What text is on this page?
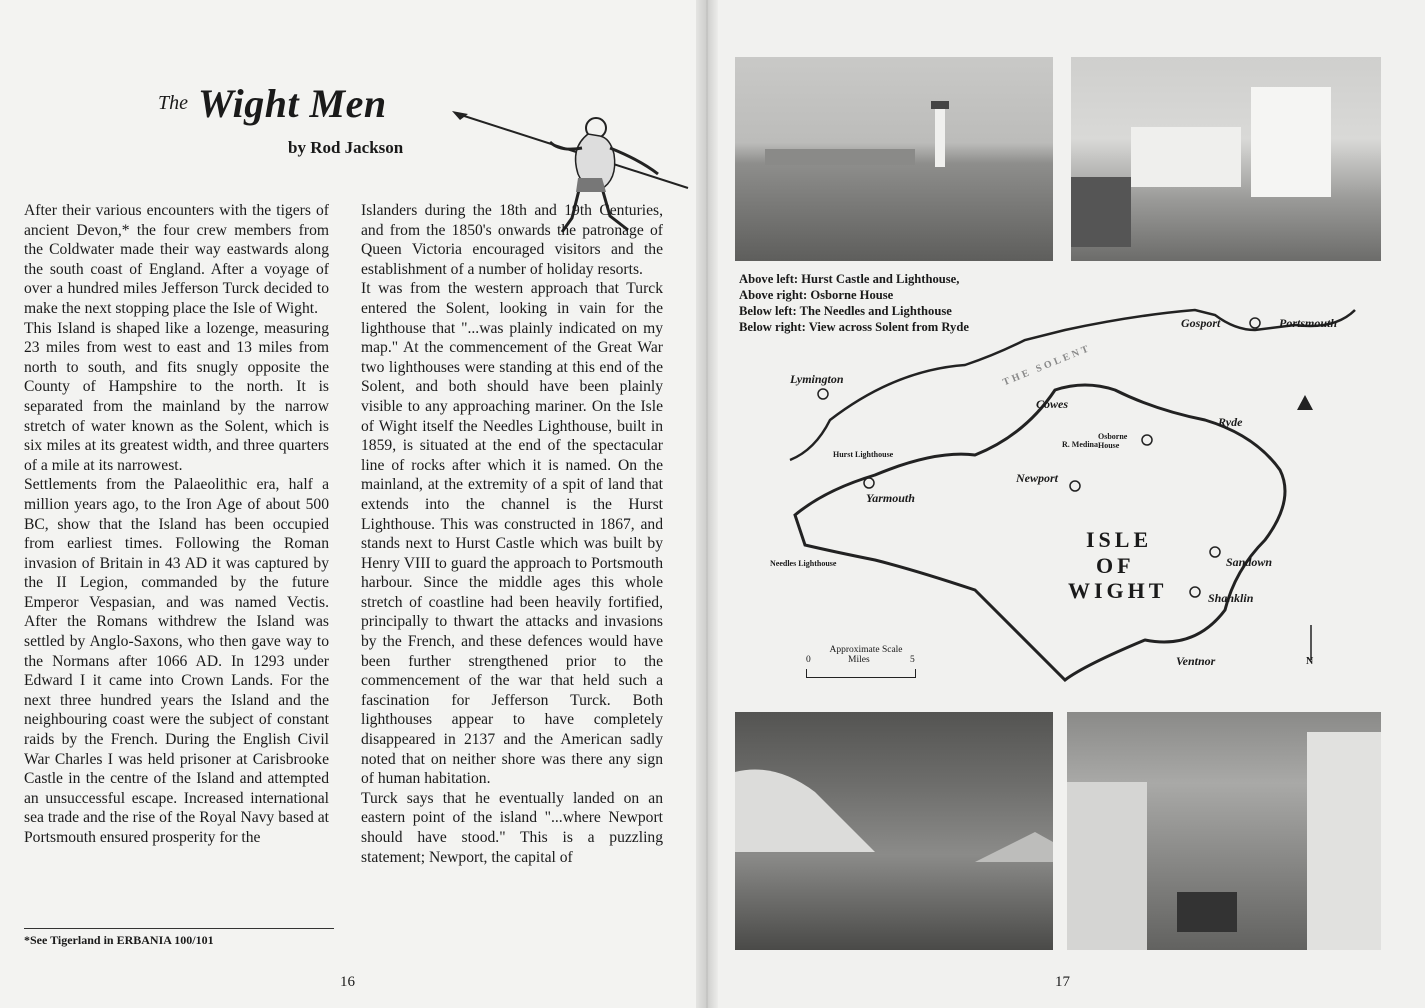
The Wight Men
by Rod Jackson

After their various encounters with the tigers of ancient Devon,* the four crew members from the Coldwater made their way eastwards along the south coast of England. After a voyage of over a hundred miles Jefferson Turck decided to make the next stopping place the Isle of Wight.

This Island is shaped like a lozenge, measuring 23 miles from west to east and 13 miles from north to south, and fits snugly opposite the County of Hampshire to the north. It is separated from the mainland by the narrow stretch of water known as the Solent, which is six miles at its greatest width, and three quarters of a mile at its narrowest.

Settlements from the Palaeolithic era, half a million years ago, to the Iron Age of about 500 BC, show that the Island has been occupied from earliest times. Following the Roman invasion of Britain in 43 AD it was captured by the II Legion, commanded by the future Emperor Vespasian, and was named Vectis. After the Romans withdrew the Island was settled by Anglo-Saxons, who then gave way to the Normans after 1066 AD. In 1293 under Edward I it came into Crown Lands. For the next three hundred years the Island and the neighbouring coast were the subject of constant raids by the French. During the English Civil War Charles I was held prisoner at Carisbrooke Castle in the centre of the Island and attempted an unsuccessful escape. Increased international sea trade and the rise of the Royal Navy based at Portsmouth ensured prosperity for the

Islanders during the 18th and 19th Centuries, and from the 1850's onwards the patronage of Queen Victoria encouraged visitors and the establishment of a number of holiday resorts.

It was from the western approach that Turck entered the Solent, looking in vain for the lighthouse that "...was plainly indicated on my map." At the commencement of the Great War two lighthouses were standing at this end of the Solent, and both should have been plainly visible to any approaching mariner. On the Isle of Wight itself the Needles Lighthouse, built in 1859, is situated at the end of the spectacular line of rocks after which it is named. On the mainland, at the extremity of a spit of land that extends into the channel is the Hurst Lighthouse. This was constructed in 1867, and stands next to Hurst Castle which was built by Henry VIII to guard the approach to Portsmouth harbour. Since the middle ages this whole stretch of coastline had been heavily fortified, principally to thwart the attacks and invasions by the French, and these defences would have been further strengthened prior to the commencement of the war that held such a fascination for Jefferson Turck. Both lighthouses appear to have completely disappeared in 2137 and the American sadly noted that on neither shore was there any sign of human habitation.

Turck says that he eventually landed on an eastern point of the island "...where Newport should have stood." This is a puzzling statement; Newport, the capital of

*See Tigerland in ERBANIA 100/101
16
Above left: Hurst Castle and Lighthouse,
Above right: Osborne House
Below left: The Needles and Lighthouse
Below right: View across Solent from Ryde	Gosport	Portsmouth
Lymington
Cowes
Ryde
Hurst Lighthouse
Osborne House
R. Medina
Newport
Yarmouth
Needles Lighthouse	Sandown
Shanklin
Ventnor
THE SOLENT
ISLE
OF
WIGHT
Approximate Scale
0	Miles	5	N
17
